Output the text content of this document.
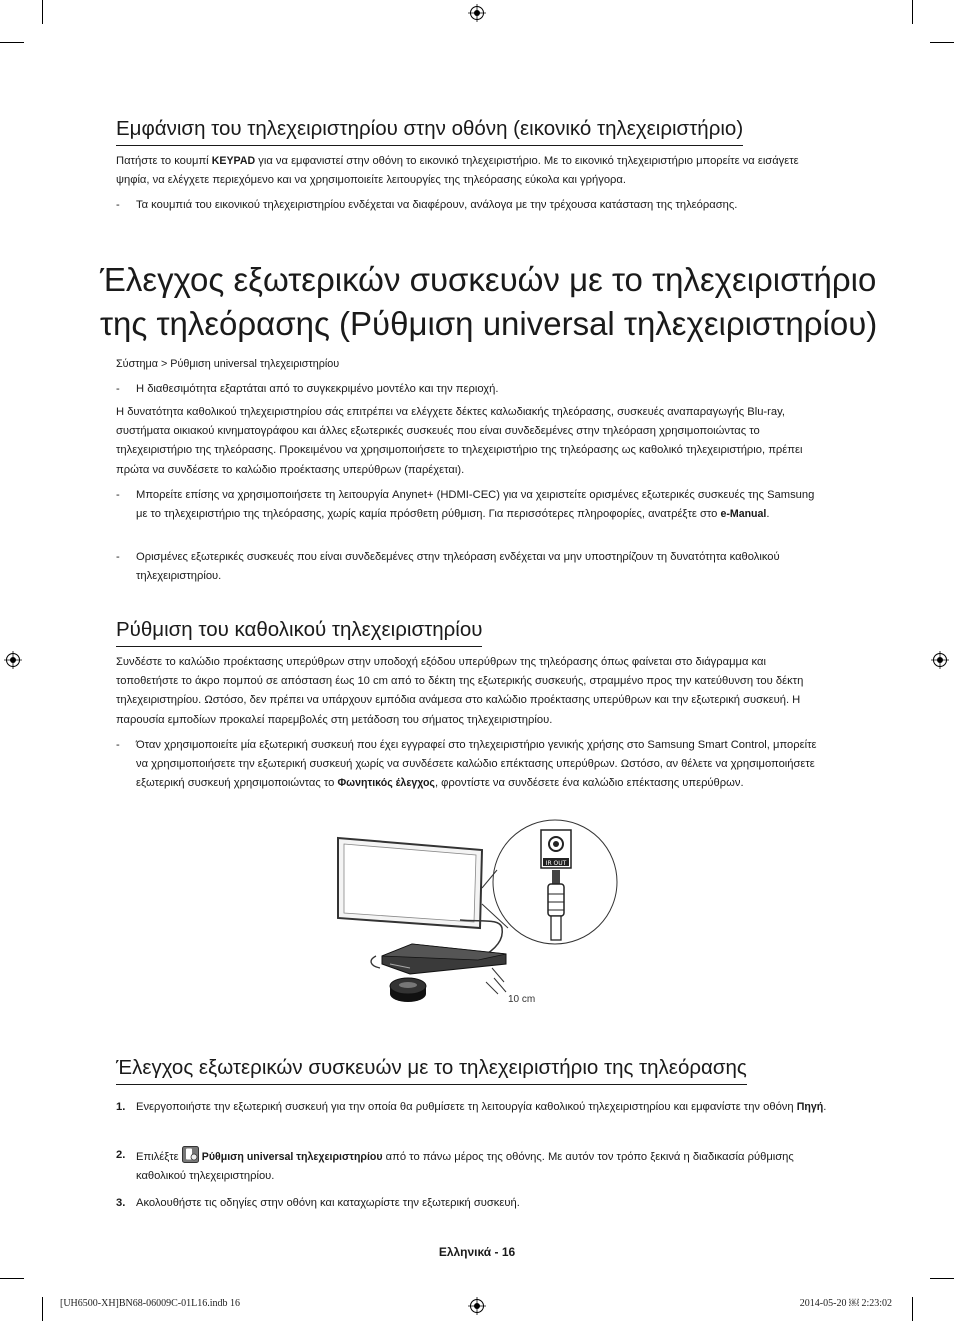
Εμφάνιση του τηλεχειριστηρίου στην οθόνη (εικονικό τηλεχειριστήριο)

Πατήστε το κουμπί KEYPAD για να εμφανιστεί στην οθόνη το εικονικό τηλεχειριστήριο. Με το εικονικό τηλεχειριστήριο μπορείτε να εισάγετε ψηφία, να ελέγχετε περιεχόμενο και να χρησιμοποιείτε λειτουργίες της τηλεόρασης εύκολα και γρήγορα.

- Τα κουμπιά του εικονικού τηλεχειριστηρίου ενδέχεται να διαφέρουν, ανάλογα με την τρέχουσα κατάσταση της τηλεόρασης.
Έλεγχος εξωτερικών συσκευών με το τηλεχειριστήριο
της τηλεόρασης (Ρύθμιση universal τηλεχειριστηρίου)
Σύστημα > Ρύθμιση universal τηλεχειριστηρίου
- Η διαθεσιμότητα εξαρτάται από το συγκεκριμένο μοντέλο και την περιοχή.

Η δυνατότητα καθολικού τηλεχειριστηρίου σάς επιτρέπει να ελέγχετε δέκτες καλωδιακής τηλεόρασης, συσκευές αναπαραγωγής Blu-ray, συστήματα οικιακού κινηματογράφου και άλλες εξωτερικές συσκευές που είναι συνδεδεμένες στην τηλεόραση χρησιμοποιώντας το τηλεχειριστήριο της τηλεόρασης. Προκειμένου να χρησιμοποιήσετε το τηλεχειριστήριο της τηλεόρασης ως καθολικό τηλεχειριστήριο, πρέπει πρώτα να συνδέσετε το καλώδιο προέκτασης υπερύθρων (παρέχεται).

- Μπορείτε επίσης να χρησιμοποιήσετε τη λειτουργία Anynet+ (HDMI-CEC) για να χειριστείτε ορισμένες εξωτερικές συσκευές της Samsung με το τηλεχειριστήριο της τηλεόρασης, χωρίς καμία πρόσθετη ρύθμιση. Για περισσότερες πληροφορίες, ανατρέξτε στο e-Manual.
- Ορισμένες εξωτερικές συσκευές που είναι συνδεδεμένες στην τηλεόραση ενδέχεται να μην υποστηρίζουν τη δυνατότητα καθολικού τηλεχειριστηρίου.
Ρύθμιση του καθολικού τηλεχειριστηρίου

Συνδέστε το καλώδιο προέκτασης υπερύθρων στην υποδοχή εξόδου υπερύθρων της τηλεόρασης όπως φαίνεται στο διάγραμμα και τοποθετήστε το άκρο πομπού σε απόσταση έως 10 cm από το δέκτη της εξωτερικής συσκευής, στραμμένο προς την κατεύθυνση του δέκτη τηλεχειριστηρίου. Ωστόσο, δεν πρέπει να υπάρχουν εμπόδια ανάμεσα στο καλώδιο προέκτασης υπερύθρων και την εξωτερική συσκευή. Η παρουσία εμποδίων προκαλεί παρεμβολές στη μετάδοση του σήματος τηλεχειριστηρίου.

- Όταν χρησιμοποιείτε μία εξωτερική συσκευή που έχει εγγραφεί στο τηλεχειριστήριο γενικής χρήσης στο Samsung Smart Control, μπορείτε να χρησιμοποιήσετε την εξωτερική συσκευή χωρίς να συνδέσετε καλώδιο επέκτασης υπερύθρων. Ωστόσο, αν θέλετε να χρησιμοποιήσετε εξωτερική συσκευή χρησιμοποιώντας το Φωνητικός έλεγχος, φροντίστε να συνδέσετε ένα καλώδιο επέκτασης υπερύθρων.
IR OUT
10 cm
Έλεγχος εξωτερικών συσκευών με το τηλεχειριστήριο της τηλεόρασης
1. Ενεργοποιήστε την εξωτερική συσκευή για την οποία θα ρυθμίσετε τη λειτουργία καθολικού τηλεχειριστηρίου και εμφανίστε την οθόνη Πηγή.
2. Επιλέξτε Ρύθμιση universal τηλεχειριστηρίου από το πάνω μέρος της οθόνης. Με αυτόν τον τρόπο ξεκινά η διαδικασία ρύθμισης καθολικού τηλεχειριστηρίου.
3. Ακολουθήστε τις οδηγίες στην οθόνη και καταχωρίστε την εξωτερική συσκευή.
Ελληνικά - 16
[UH6500-XH]BN68-06009C-01L16.indb 16	2014-05-20 ￼ 2:23:02
